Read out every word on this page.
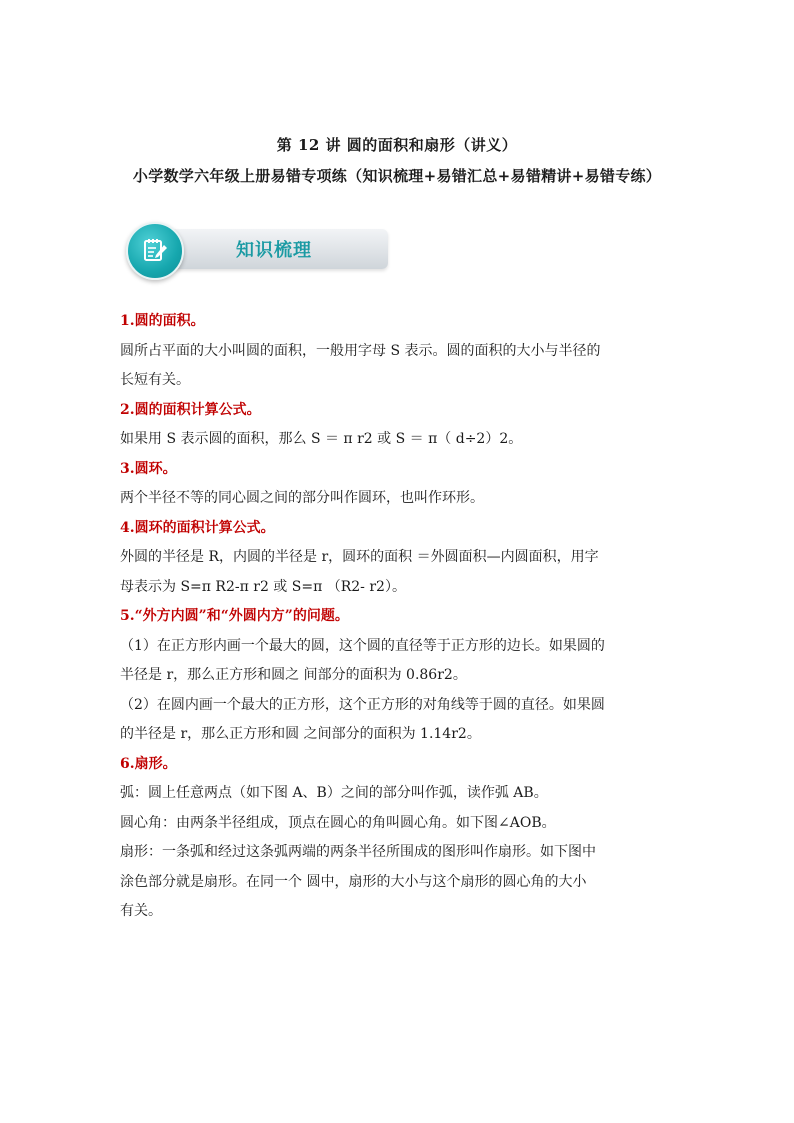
第 12 讲 圆的面积和扇形（讲义）
小学数学六年级上册易错专项练（知识梳理+易错汇总+易错精讲+易错专练）
知识梳理

1.圆的面积。

圆所占平面的大小叫圆的面积，一般用字母 S 表示。圆的面积的大小与半径的

长短有关。

2.圆的面积计算公式。

如果用 S 表示圆的面积，那么 S ＝ π r2 或 S ＝ π（ d÷2）2。

3.圆环。

两个半径不等的同心圆之间的部分叫作圆环，也叫作环形。

4.圆环的面积计算公式。

外圆的半径是 R，内圆的半径是 r，圆环的面积 ＝外圆面积—内圆面积，用字

母表示为 S=π R2-π r2 或 S=π （R2- r2）。

5.“外方内圆”和“外圆内方”的问题。

（1）在正方形内画一个最大的圆，这个圆的直径等于正方形的边长。如果圆的

半径是 r，那么正方形和圆之 间部分的面积为 0.86r2。

（2）在圆内画一个最大的正方形，这个正方形的对角线等于圆的直径。如果圆

的半径是 r，那么正方形和圆 之间部分的面积为 1.14r2。

6.扇形。

弧：圆上任意两点（如下图 A、B）之间的部分叫作弧，读作弧 AB。

圆心角：由两条半径组成，顶点在圆心的角叫圆心角。如下图∠AOB。

扇形：一条弧和经过这条弧两端的两条半径所围成的图形叫作扇形。如下图中

涂色部分就是扇形。在同一个 圆中，扇形的大小与这个扇形的圆心角的大小

有关。
